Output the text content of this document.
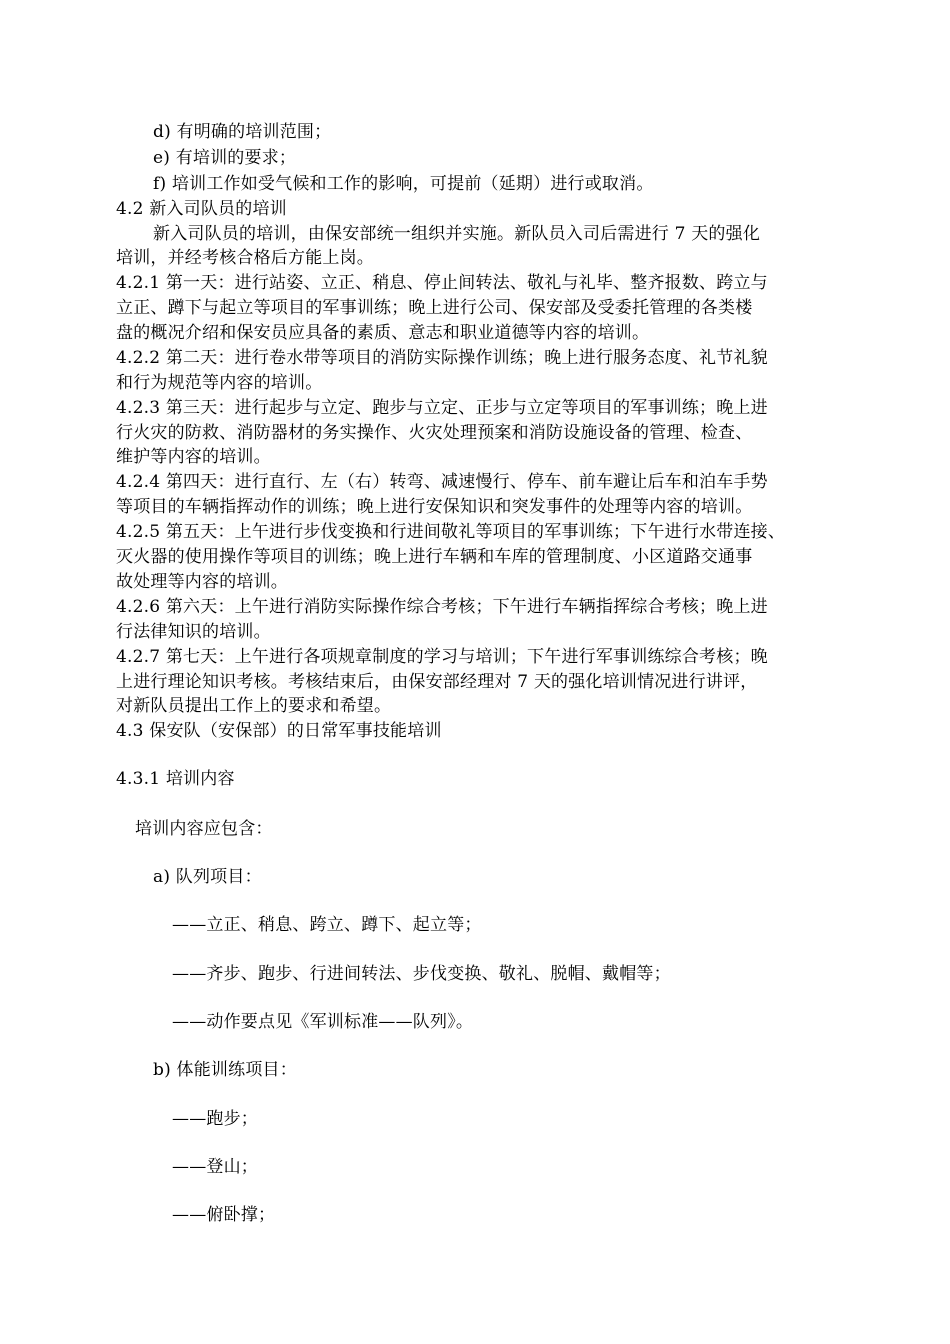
d) 有明确的培训范围；
e) 有培训的要求；
f) 培训工作如受气候和工作的影响，可提前（延期）进行或取消。
4.2 新入司队员的培训
新入司队员的培训，由保安部统一组织并实施。新队员入司后需进行 7 天的强化
培训，并经考核合格后方能上岗。
4.2.1 第一天：进行站姿、立正、稍息、停止间转法、敬礼与礼毕、整齐报数、跨立与
立正、蹲下与起立等项目的军事训练；晚上进行公司、保安部及受委托管理的各类楼
盘的概况介绍和保安员应具备的素质、意志和职业道德等内容的培训。
4.2.2 第二天：进行卷水带等项目的消防实际操作训练；晚上进行服务态度、礼节礼貌
和行为规范等内容的培训。
4.2.3 第三天：进行起步与立定、跑步与立定、正步与立定等项目的军事训练；晚上进
行火灾的防救、消防器材的务实操作、火灾处理预案和消防设施设备的管理、检查、
维护等内容的培训。
4.2.4 第四天：进行直行、左（右）转弯、减速慢行、停车、前车避让后车和泊车手势
等项目的车辆指挥动作的训练；晚上进行安保知识和突发事件的处理等内容的培训。
4.2.5 第五天：上午进行步伐变换和行进间敬礼等项目的军事训练；下午进行水带连接、
灭火器的使用操作等项目的训练；晚上进行车辆和车库的管理制度、小区道路交通事
故处理等内容的培训。
4.2.6 第六天：上午进行消防实际操作综合考核；下午进行车辆指挥综合考核；晚上进
行法律知识的培训。
4.2.7 第七天：上午进行各项规章制度的学习与培训；下午进行军事训练综合考核；晚
上进行理论知识考核。考核结束后，由保安部经理对 7 天的强化培训情况进行讲评，
对新队员提出工作上的要求和希望。
4.3 保安队（安保部）的日常军事技能培训
4.3.1 培训内容
培训内容应包含：
a) 队列项目：
——立正、稍息、跨立、蹲下、起立等；
——齐步、跑步、行进间转法、步伐变换、敬礼、脱帽、戴帽等；
——动作要点见《军训标准——队列》。
b) 体能训练项目：
——跑步；
——登山；
——俯卧撑；
